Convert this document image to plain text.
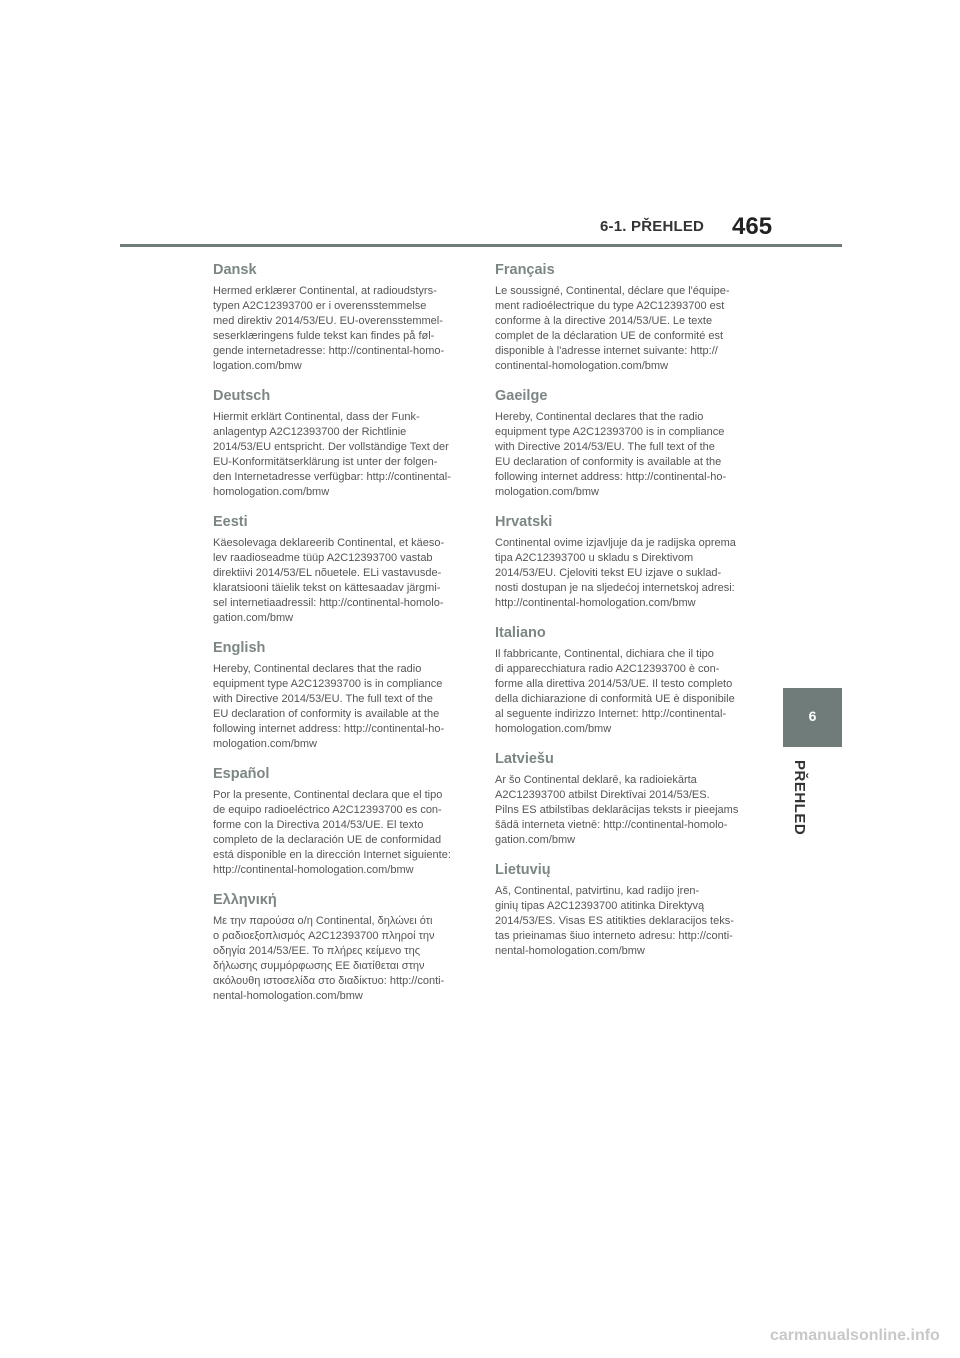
6-1. PŘEHLED 465
Dansk

Hermed erklærer Continental, at radioudstyrs-
typen A2C12393700 er i overensstemmelse
med direktiv 2014/53/EU. EU-overensstemmel-
seserklæringens fulde tekst kan findes på føl-
gende internetadresse: http://continental-homo-
logation.com/bmw

Deutsch

Hiermit erklärt Continental, dass der Funk-
anlagentyp A2C12393700 der Richtlinie
2014/53/EU entspricht. Der vollständige Text der
EU-Konformitätserklärung ist unter der folgen-
den Internetadresse verfügbar: http://continental-
homologation.com/bmw

Eesti

Käesolevaga deklareerib Continental, et käeso-
lev raadioseadme tüüp A2C12393700 vastab
direktiivi 2014/53/EL nõuetele. ELi vastavusde-
klaratsiooni täielik tekst on kättesaadav järgmi-
sel internetiaadressil: http://continental-homolo-
gation.com/bmw

English

Hereby, Continental declares that the radio
equipment type A2C12393700 is in compliance
with Directive 2014/53/EU. The full text of the
EU declaration of conformity is available at the
following internet address: http://continental-ho-
mologation.com/bmw

Español

Por la presente, Continental declara que el tipo
de equipo radioeléctrico A2C12393700 es con-
forme con la Directiva 2014/53/UE. El texto
completo de la declaración UE de conformidad
está disponible en la dirección Internet siguiente:
http://continental-homologation.com/bmw

Ελληνική

Με την παρούσα ο/η Continental, δηλώνει ότι
ο ραδιοεξοπλισμός A2C12393700 πληροί την
οδηγία 2014/53/ΕΕ. Το πλήρες κείμενο της
δήλωσης συμμόρφωσης ΕΕ διατίθεται στην
ακόλουθη ιστοσελίδα στο διαδίκτυο: http://conti-
nental-homologation.com/bmw

Français

Le soussigné, Continental, déclare que l'équipe-
ment radioélectrique du type A2C12393700 est
conforme à la directive 2014/53/UE. Le texte
complet de la déclaration UE de conformité est
disponible à l'adresse internet suivante: http://
continental-homologation.com/bmw

Gaeilge

Hereby, Continental declares that the radio
equipment type A2C12393700 is in compliance
with Directive 2014/53/EU. The full text of the
EU declaration of conformity is available at the
following internet address: http://continental-ho-
mologation.com/bmw

Hrvatski

Continental ovime izjavljuje da je radijska oprema
tipa A2C12393700 u skladu s Direktivom
2014/53/EU. Cjeloviti tekst EU izjave o suklad-
nosti dostupan je na sljedećoj internetskoj adresi:
http://continental-homologation.com/bmw

Italiano

Il fabbricante, Continental, dichiara che il tipo
di apparecchiatura radio A2C12393700 è con-
forme alla direttiva 2014/53/UE. Il testo completo
della dichiarazione di conformità UE è disponibile
al seguente indirizzo Internet: http://continental-
homologation.com/bmw

Latviešu

Ar šo Continental deklarē, ka radioiekārta
A2C12393700 atbilst Direktīvai 2014/53/ES.
Pilns ES atbilstības deklarācijas teksts ir pieejams
šādā interneta vietnē: http://continental-homolo-
gation.com/bmw

Lietuvių

Aš, Continental, patvirtinu, kad radijo įren-
ginių tipas A2C12393700 atitinka Direktyvą
2014/53/ES. Visas ES atitikties deklaracijos teks-
tas prieinamas šiuo interneto adresu: http://conti-
nental-homologation.com/bmw

6
PŘEHLED
carmanualsonline.info
